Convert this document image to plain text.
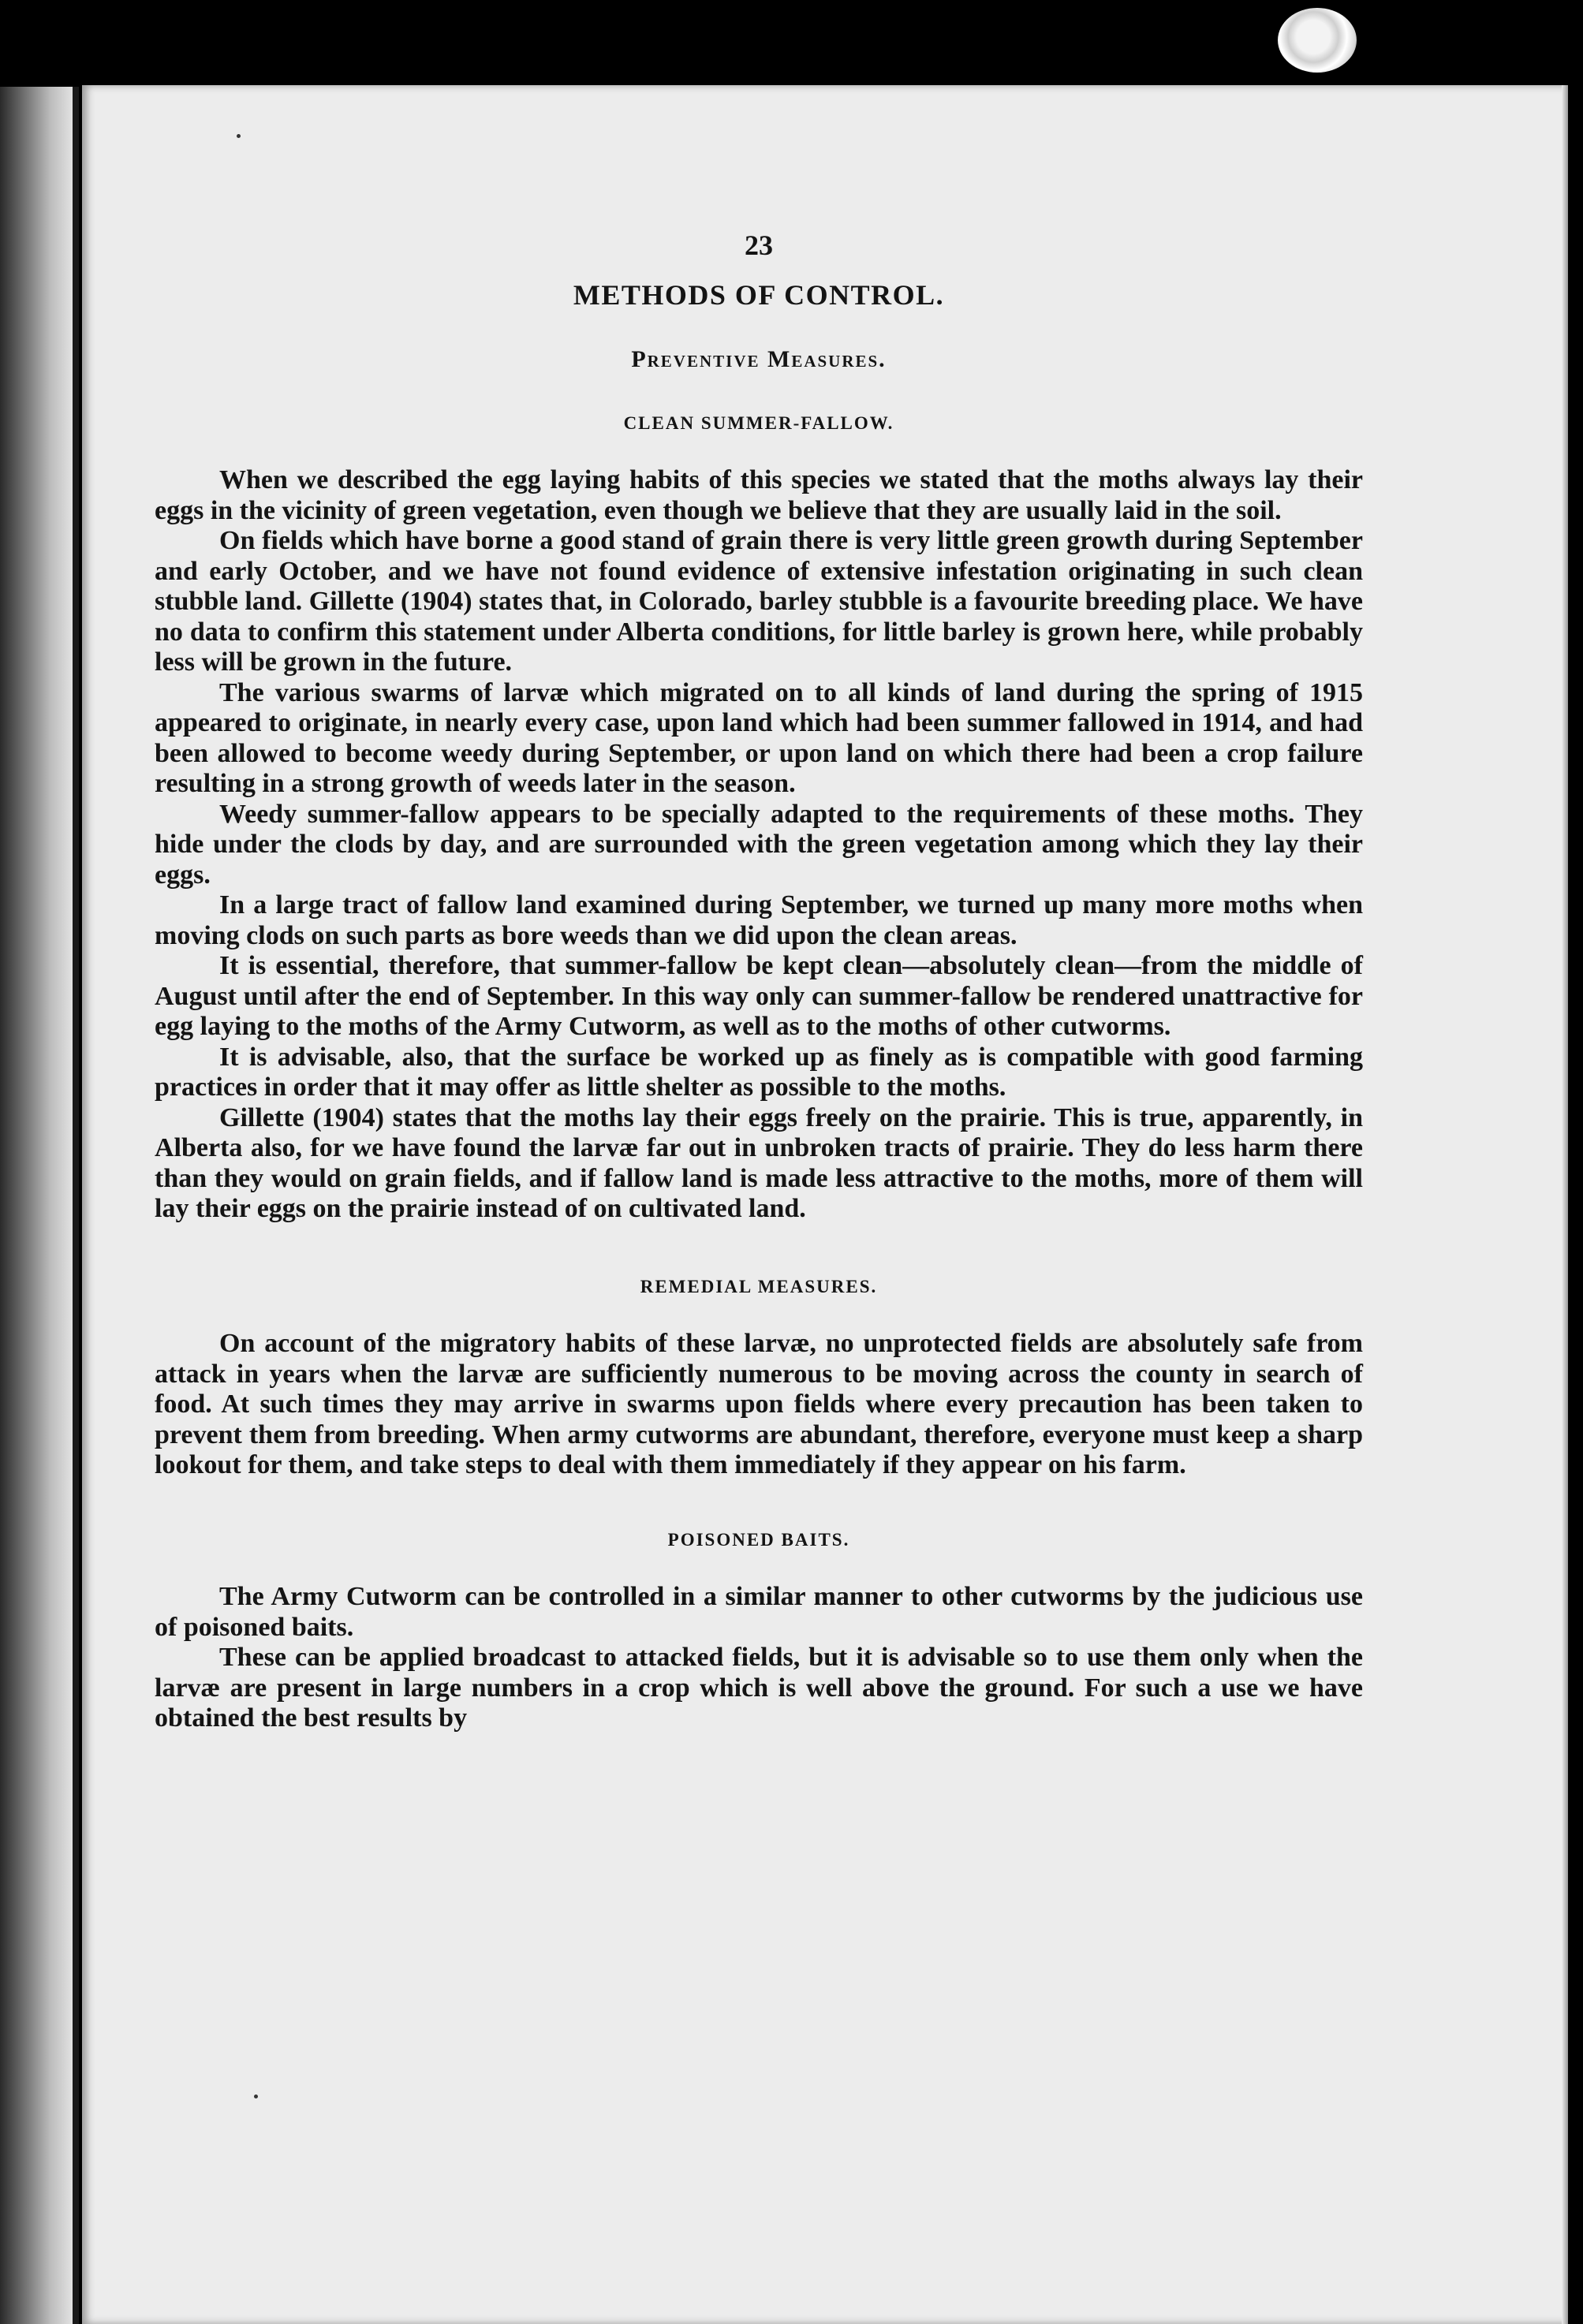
23
METHODS OF CONTROL.
Preventive Measures.
CLEAN SUMMER-FALLOW.

When we described the egg laying habits of this species we stated that the moths always lay their eggs in the vicinity of green vegetation, even though we believe that they are usually laid in the soil.

On fields which have borne a good stand of grain there is very little green growth during September and early October, and we have not found evidence of extensive infestation originating in such clean stubble land. Gillette (1904) states that, in Colorado, barley stubble is a favourite breeding place. We have no data to confirm this statement under Alberta conditions, for little barley is grown here, while probably less will be grown in the future.

The various swarms of larvæ which migrated on to all kinds of land during the spring of 1915 appeared to originate, in nearly every case, upon land which had been summer fallowed in 1914, and had been allowed to become weedy during September, or upon land on which there had been a crop failure resulting in a strong growth of weeds later in the season.

Weedy summer-fallow appears to be specially adapted to the requirements of these moths. They hide under the clods by day, and are surrounded with the green vegetation among which they lay their eggs.

In a large tract of fallow land examined during September, we turned up many more moths when moving clods on such parts as bore weeds than we did upon the clean areas.

It is essential, therefore, that summer-fallow be kept clean—absolutely clean—from the middle of August until after the end of September. In this way only can summer-fallow be rendered unattractive for egg laying to the moths of the Army Cutworm, as well as to the moths of other cutworms.

It is advisable, also, that the surface be worked up as finely as is compatible with good farming practices in order that it may offer as little shelter as possible to the moths.

Gillette (1904) states that the moths lay their eggs freely on the prairie. This is true, apparently, in Alberta also, for we have found the larvæ far out in unbroken tracts of prairie. They do less harm there than they would on grain fields, and if fallow land is made less attractive to the moths, more of them will lay their eggs on the prairie instead of on cultivated land.

REMEDIAL MEASURES.

On account of the migratory habits of these larvæ, no unprotected fields are absolutely safe from attack in years when the larvæ are sufficiently numerous to be moving across the county in search of food. At such times they may arrive in swarms upon fields where every precaution has been taken to prevent them from breeding. When army cutworms are abundant, therefore, everyone must keep a sharp lookout for them, and take steps to deal with them immediately if they appear on his farm.

POISONED BAITS.

The Army Cutworm can be controlled in a similar manner to other cutworms by the judicious use of poisoned baits.

These can be applied broadcast to attacked fields, but it is advisable so to use them only when the larvæ are present in large numbers in a crop which is well above the ground. For such a use we have obtained the best results by
